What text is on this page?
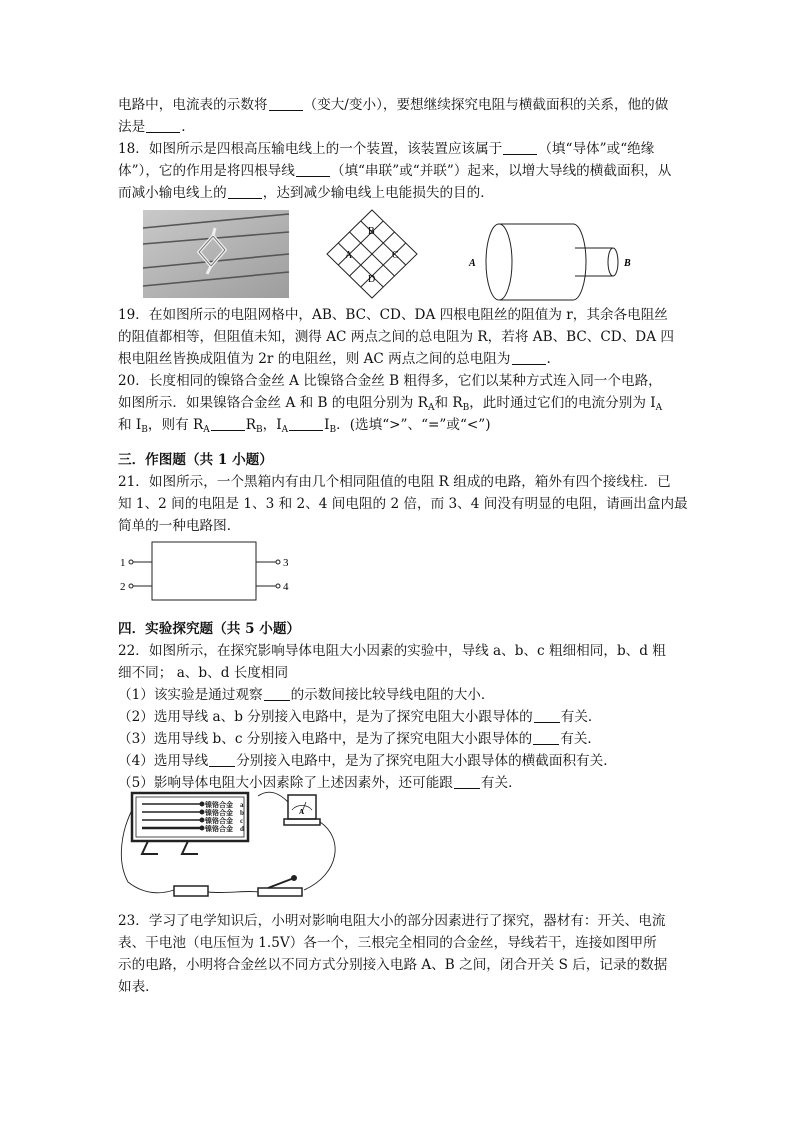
电路中，电流表的示数将	（变大/变小），要想继续探究电阻与横截面积的关系，他的做
法是	.
18．如图所示是四根高压输电线上的一个装置，该装置应该属于	（填“导体”或“绝缘
体”），它的作用是将四根导线	（填“串联”或“并联”）起来，以增大导线的横截面积，从
而减小输电线上的	，达到减少输电线上电能损失的目的．
B
A	C
D
A	B
19．在如图所示的电阻网格中，AB、BC、CD、DA 四根电阻丝的阻值为 r，其余各电阻丝
的阻值都相等，但阻值未知，测得 AC 两点之间的总电阻为 R，若将 AB、BC、CD、DA 四
根电阻丝皆换成阻值为 2r 的电阻丝，则 AC 两点之间的总电阻为	.
20．长度相同的镍铬合金丝 A 比镍铬合金丝 B 粗得多，它们以某种方式连入同一个电路，
如图所示．如果镍铬合金丝 A 和 B 的电阻分别为 $R_A$和 $R_B$，此时通过它们的电流分别为 $I_A$
和 $I_B$，则有 $R_A$	$R_B$，$I_A$	$I_B$．(选填“>”、“=”或“<”)
三．作图题（共 1 小题）
21．如图所示，一个黑箱内有由几个相同阻值的电阻 R 组成的电路，箱外有四个接线柱．已
知 1、2 间的电阻是 1、3 和 2、4 间电阻的 2 倍，而 3、4 间没有明显的电阻，请画出盒内最
简单的一种电路图．
1
2
3
4
四．实验探究题（共 5 小题）
22．如图所示，在探究影响导体电阻大小因素的实验中，导线 a、b、c 粗细相同，b、d 粗
细不同； a、b、d 长度相同
（1）该实验是通过观察 的示数间接比较导线电阻的大小．
（2）选用导线 a、b 分别接入电路中，是为了探究电阻大小跟导体的 有关．
（3）选用导线 b、c 分别接入电路中，是为了探究电阻大小跟导体的 有关．
（4）选用导线 分别接入电路中，是为了探究电阻大小跟导体的横截面积有关．
（5）影响导体电阻大小因素除了上述因素外，还可能跟 有关．
镍铬合金 a
镍铬合金 b
镍铬合金 c
镍铬合金 d
A
23．学习了电学知识后，小明对影响电阻大小的部分因素进行了探究，器材有：开关、电流
表、干电池（电压恒为 1.5V）各一个，三根完全相同的合金丝，导线若干，连接如图甲所
示的电路，小明将合金丝以不同方式分别接入电路 A、B 之间，闭合开关 S 后，记录的数据
如表．
